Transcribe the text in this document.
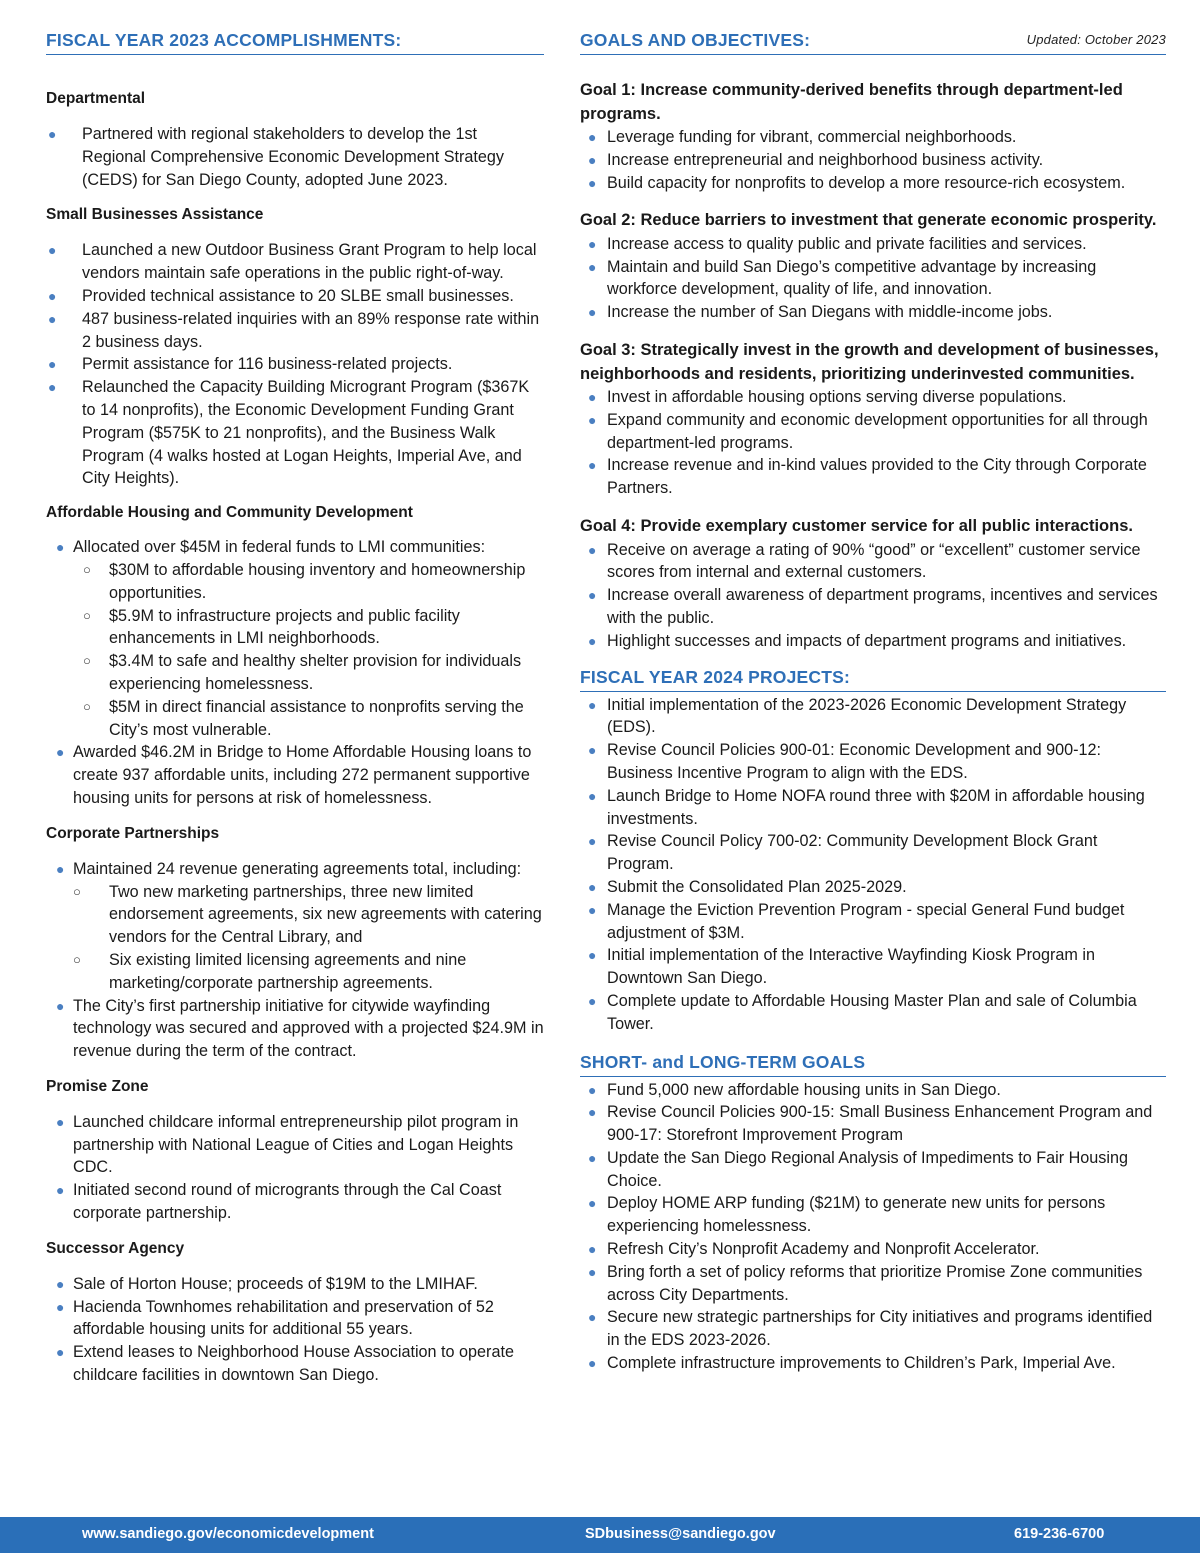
FISCAL YEAR 2023 ACCOMPLISHMENTS:

Departmental

● Partnered with regional stakeholders to develop the 1st Regional Comprehensive Economic Development Strategy (CEDS) for San Diego County, adopted June 2023.

Small Businesses Assistance

● Launched a new Outdoor Business Grant Program to help local vendors maintain safe operations in the public right-of-way.
● Provided technical assistance to 20 SLBE small businesses.
● 487 business-related inquiries with an 89% response rate within 2 business days.
● Permit assistance for 116 business-related projects.
● Relaunched the Capacity Building Microgrant Program ($367K to 14 nonprofits), the Economic Development Funding Grant Program ($575K to 21 nonprofits), and the Business Walk Program (4 walks hosted at Logan Heights, Imperial Ave, and City Heights).

Affordable Housing and Community Development

● Allocated over $45M in federal funds to LMI communities:
○ $30M to affordable housing inventory and homeownership opportunities.
○ $5.9M to infrastructure projects and public facility enhancements in LMI neighborhoods.
○ $3.4M to safe and healthy shelter provision for individuals experiencing homelessness.
○ $5M in direct financial assistance to nonprofits serving the City’s most vulnerable.
● Awarded $46.2M in Bridge to Home Affordable Housing loans to create 937 affordable units, including 272 permanent supportive housing units for persons at risk of homelessness.

Corporate Partnerships

● Maintained 24 revenue generating agreements total, including:
○ Two new marketing partnerships, three new limited endorsement agreements, six new agreements with catering vendors for the Central Library, and
○ Six existing limited licensing agreements and nine marketing/corporate partnership agreements.
● The City’s first partnership initiative for citywide wayfinding technology was secured and approved with a projected $24.9M in revenue during the term of the contract.

Promise Zone

● Launched childcare informal entrepreneurship pilot program in partnership with National League of Cities and Logan Heights CDC.
● Initiated second round of microgrants through the Cal Coast corporate partnership.

Successor Agency

● Sale of Horton House; proceeds of $19M to the LMIHAF.
● Hacienda Townhomes rehabilitation and preservation of 52 affordable housing units for additional 55 years.
● Extend leases to Neighborhood House Association to operate childcare facilities in downtown San Diego.
GOALS AND OBJECTIVES:	Updated: October 2023

Goal 1: Increase community-derived benefits through department-led programs.

● Leverage funding for vibrant, commercial neighborhoods.
● Increase entrepreneurial and neighborhood business activity.
● Build capacity for nonprofits to develop a more resource-rich ecosystem.

Goal 2: Reduce barriers to investment that generate economic prosperity.

● Increase access to quality public and private facilities and services.
● Maintain and build San Diego’s competitive advantage by increasing workforce development, quality of life, and innovation.
● Increase the number of San Diegans with middle-income jobs.

Goal 3: Strategically invest in the growth and development of businesses, neighborhoods and residents, prioritizing underinvested communities.

● Invest in affordable housing options serving diverse populations.
● Expand community and economic development opportunities for all through department-led programs.
● Increase revenue and in-kind values provided to the City through Corporate Partners.

Goal 4: Provide exemplary customer service for all public interactions.

● Receive on average a rating of 90% “good” or “excellent” customer service scores from internal and external customers.
● Increase overall awareness of department programs, incentives and services with the public.
● Highlight successes and impacts of department programs and initiatives.
FISCAL YEAR 2024 PROJECTS:
● Initial implementation of the 2023-2026 Economic Development Strategy (EDS).
● Revise Council Policies 900-01: Economic Development and 900-12: Business Incentive Program to align with the EDS.
● Launch Bridge to Home NOFA round three with $20M in affordable housing investments.
● Revise Council Policy 700-02: Community Development Block Grant Program.
● Submit the Consolidated Plan 2025-2029.
● Manage the Eviction Prevention Program - special General Fund budget adjustment of $3M.
● Initial implementation of the Interactive Wayfinding Kiosk Program in Downtown San Diego.
● Complete update to Affordable Housing Master Plan and sale of Columbia Tower.
SHORT- and LONG-TERM GOALS
● Fund 5,000 new affordable housing units in San Diego.
● Revise Council Policies 900-15: Small Business Enhancement Program and 900-17: Storefront Improvement Program
● Update the San Diego Regional Analysis of Impediments to Fair Housing Choice.
● Deploy HOME ARP funding ($21M) to generate new units for persons experiencing homelessness.
● Refresh City’s Nonprofit Academy and Nonprofit Accelerator.
● Bring forth a set of policy reforms that prioritize Promise Zone communities across City Departments.
● Secure new strategic partnerships for City initiatives and programs identified in the EDS 2023-2026.
● Complete infrastructure improvements to Children’s Park, Imperial Ave.
www.sandiego.gov/economicdevelopment	SDbusiness@sandiego.gov	619-236-6700
